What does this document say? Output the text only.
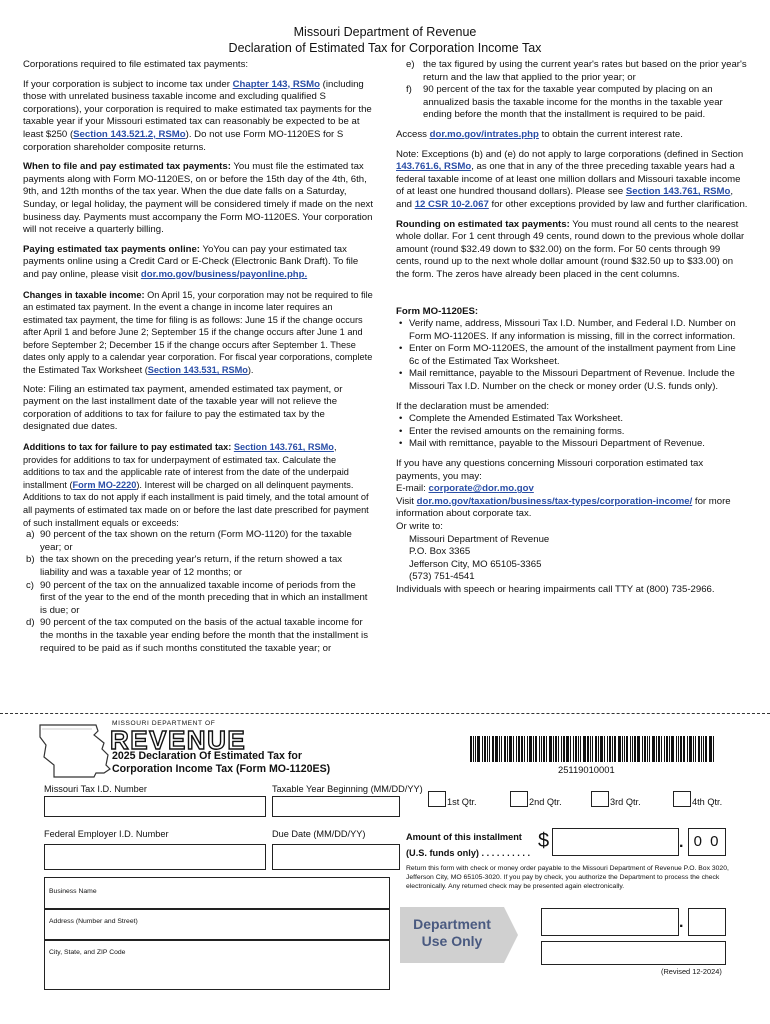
Missouri Department of Revenue
Declaration of Estimated Tax for Corporation Income Tax

Corporations required to file estimated tax payments:

If your corporation is subject to income tax under Chapter 143, RSMo (including those with unrelated business taxable income and excluding qualified S corporations), your corporation is required to make estimated tax payments for the taxable year if your Missouri estimated tax can reasonably be expected to be at least $250 (Section 143.521.2, RSMo). Do not use Form MO-1120ES for S corporation shareholder composite returns.

When to file and pay estimated tax payments: You must file the estimated tax payments along with Form MO-1120ES, on or before the 15th day of the 4th, 6th, 9th, and 12th months of the tax year. When the due date falls on a Saturday, Sunday, or legal holiday, the payment will be considered timely if made on the next business day. Payments must accompany the Form MO-1120ES. Your corporation will not receive a quarterly billing.

Paying estimated tax payments online: YoYou can pay your estimated tax payments online using a Credit Card or E-Check (Electronic Bank Draft). To file and pay online, please visit dor.mo.gov/business/payonline.php.

Changes in taxable income: On April 15, your corporation may not be required to file an estimated tax payment. In the event a change in income later requires an estimated tax payment, the time for filing is as follows: June 15 if the change occurs after April 1 and before June 2; September 15 if the change occurs after June 1 and before September 2; December 15 if the change occurs after September 1. These dates only apply to a calendar year corporation. For fiscal year corporations, complete the Estimated Tax Worksheet (Section 143.531, RSMo).

Note: Filing an estimated tax payment, amended estimated tax payment, or payment on the last installment date of the taxable year will not relieve the corporation of additions to tax for failure to pay the estimated tax by the designated due dates.

Additions to tax for failure to pay estimated tax: Section 143.761, RSMo, provides for additions to tax for underpayment of estimated tax. Calculate the additions to tax and the applicable rate of interest from the date of the underpaid installment (Form MO-2220). Interest will be charged on all delinquent payments. Additions to tax do not apply if each installment is paid timely, and the total amount of all payments of estimated tax made on or before the last date prescribed for payment of such installment equals or exceeds:

a) 90 percent of the tax shown on the return (Form MO-1120) for the taxable year; or
b) the tax shown on the preceding year's return, if the return showed a tax liability and was a taxable year of 12 months; or
c) 90 percent of the tax on the annualized taxable income of periods from the first of the year to the end of the month preceding that in which an installment is due; or
d) 90 percent of the tax computed on the basis of the actual taxable income for the months in the taxable year ending before the month that the installment is required to be paid as if such months constituted the taxable year; or
e) the tax figured by using the current year's rates but based on the prior year's return and the law that applied to the prior year; or
f)	90 percent of the tax for the taxable year computed by placing on an annualized basis the taxable income for the months in the taxable year ending before the month that the installment is required to be paid.

Access dor.mo.gov/intrates.php to obtain the current interest rate.

Note: Exceptions (b) and (e) do not apply to large corporations (defined in Section 143.761.6, RSMo, as one that in any of the three preceding taxable years had a federal taxable income of at least one million dollars and Missouri taxable income of at least one hundred thousand dollars). Please see Section 143.761, RSMo, and 12 CSR 10-2.067 for other exceptions provided by law and further clarification.

Rounding on estimated tax payments: You must round all cents to the nearest whole dollar. For 1 cent through 49 cents, round down to the previous whole dollar amount (round $32.49 down to $32.00) on the form. For 50 cents through 99 cents, round up to the next whole dollar amount (round $32.50 up to $33.00) on the form. The zeros have already been placed in the cent columns.

Form MO-1120ES:

• Verify name, address, Missouri Tax I.D. Number, and Federal I.D. Number on Form MO-1120ES. If any information is missing, fill in the correct information.
• Enter on Form MO-1120ES, the amount of the installment payment from Line 6c of the Estimated Tax Worksheet.
• Mail remittance, payable to the Missouri Department of Revenue. Include the Missouri Tax I.D. Number on the check or money order (U.S. funds only).

If the declaration must be amended:

• Complete the Amended Estimated Tax Worksheet.
• Enter the revised amounts on the remaining forms.
• Mail with remittance, payable to the Missouri Department of Revenue.
If you have any questions concerning Missouri corporation estimated tax payments, you may:
E-mail: corporate@dor.mo.gov
Visit dor.mo.gov/taxation/business/tax-types/corporation-income/ for more information about corporate tax.
Or write to:
Missouri Department of Revenue
P.O. Box 3365
Jefferson City, MO 65105-3365
(573) 751-4541
Individuals with speech or hearing impairments call TTY at (800) 735-2966.
MISSOURI DEPARTMENT OF
REVENUE
2025 Declaration Of Estimated Tax for
Corporation Income Tax (Form MO-1120ES)	25119010001
Missouri Tax I.D. Number	Taxable Year Beginning (MM/DD/YY)
1st Qtr.	2nd Qtr.	3rd Qtr.	4th Qtr.
Federal Employer I.D. Number	Due Date (MM/DD/YY)	Amount of this installment
(U.S. funds only) . . . . . . . . . .
$	. 0 0
Return this form with check or money order payable to the Missouri Department of Revenue P.O. Box 3020, Jefferson City, MO 65105-3020. If you pay by check, you authorize the Department to process the check electronically. Any returned check may be presented again electronically.
Business Name
Address (Number and Street)
City, State, and ZIP Code
Department
Use Only
.
(Revised 12-2024)
